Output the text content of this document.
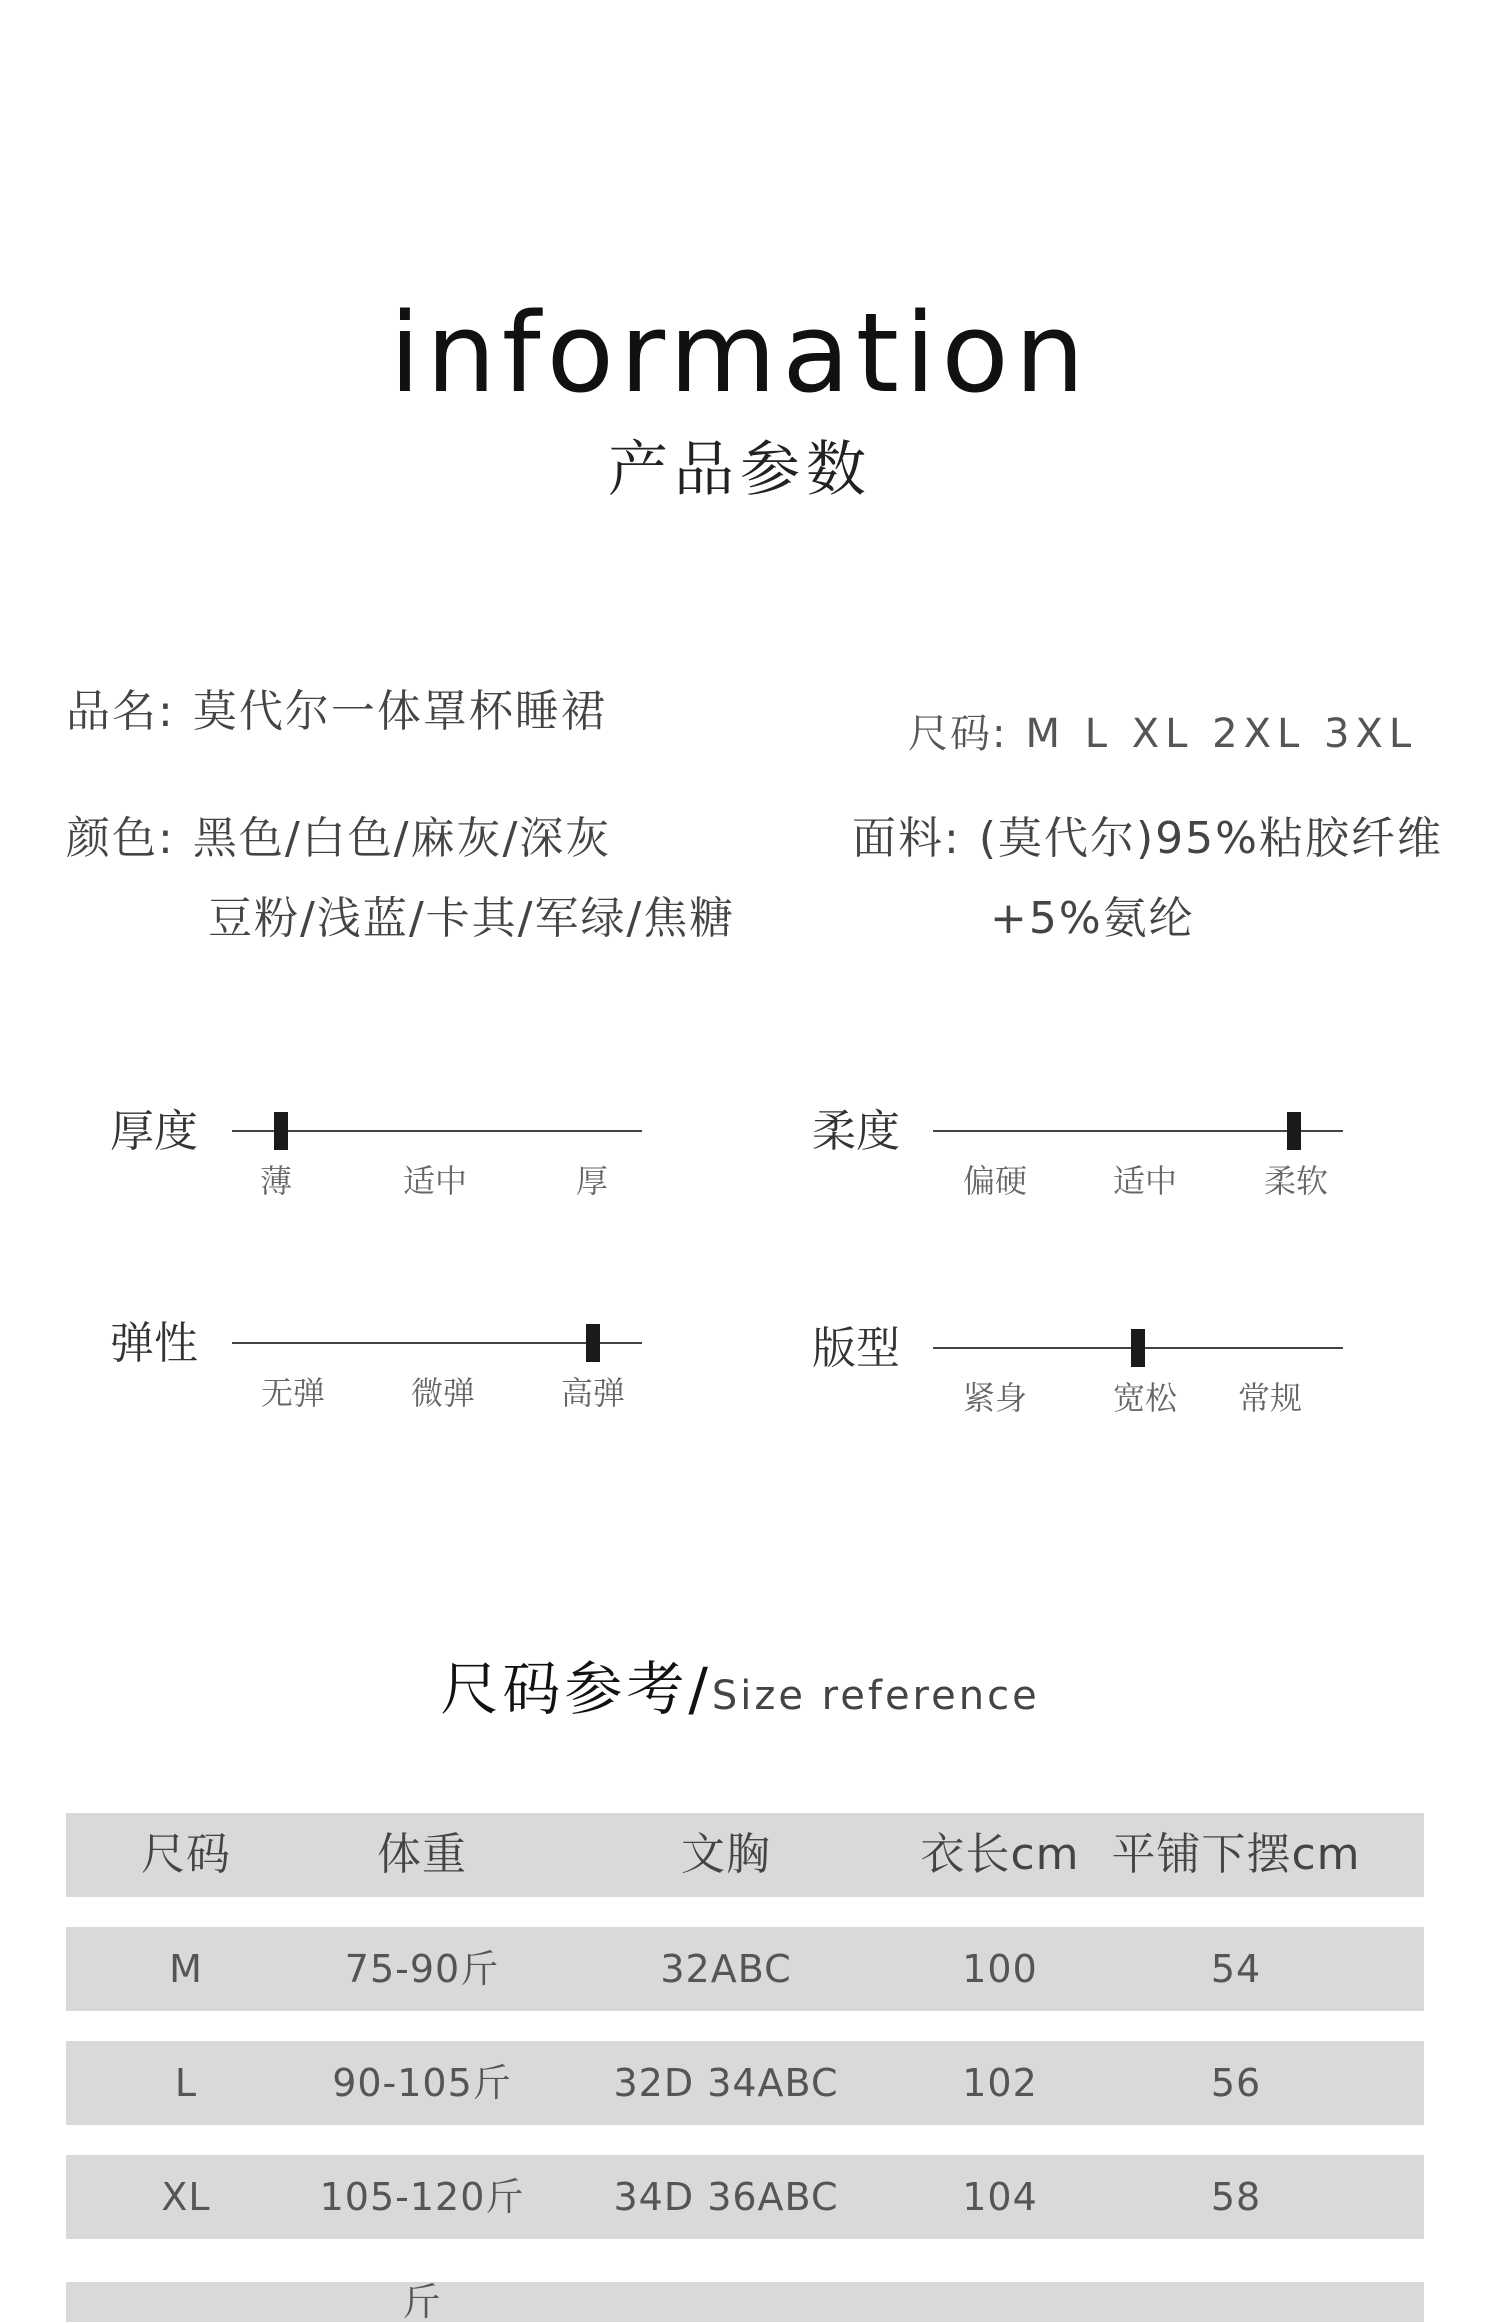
information
产品参数
品名: 莫代尔一体罩杯睡裙	尺码: M L XL 2XL 3XL
颜色: 黑色/白色/麻灰/深灰
豆粉/浅蓝/卡其/军绿/焦糖
面料: (莫代尔)95%粘胶纤维
+5%氨纶
厚度
薄	适中	厚
柔度
偏硬	适中	柔软
弹性
无弹	微弹	高弹
版型
紧身	宽松 常规
尺码参考/Size reference
尺码	体重	文胸	衣长cm 平铺下摆cm
M	75-90斤	32ABC	100	54
L	90-105斤	32D 34ABC	102	56
XL	105-120斤	34D 36ABC	104	58
斤
